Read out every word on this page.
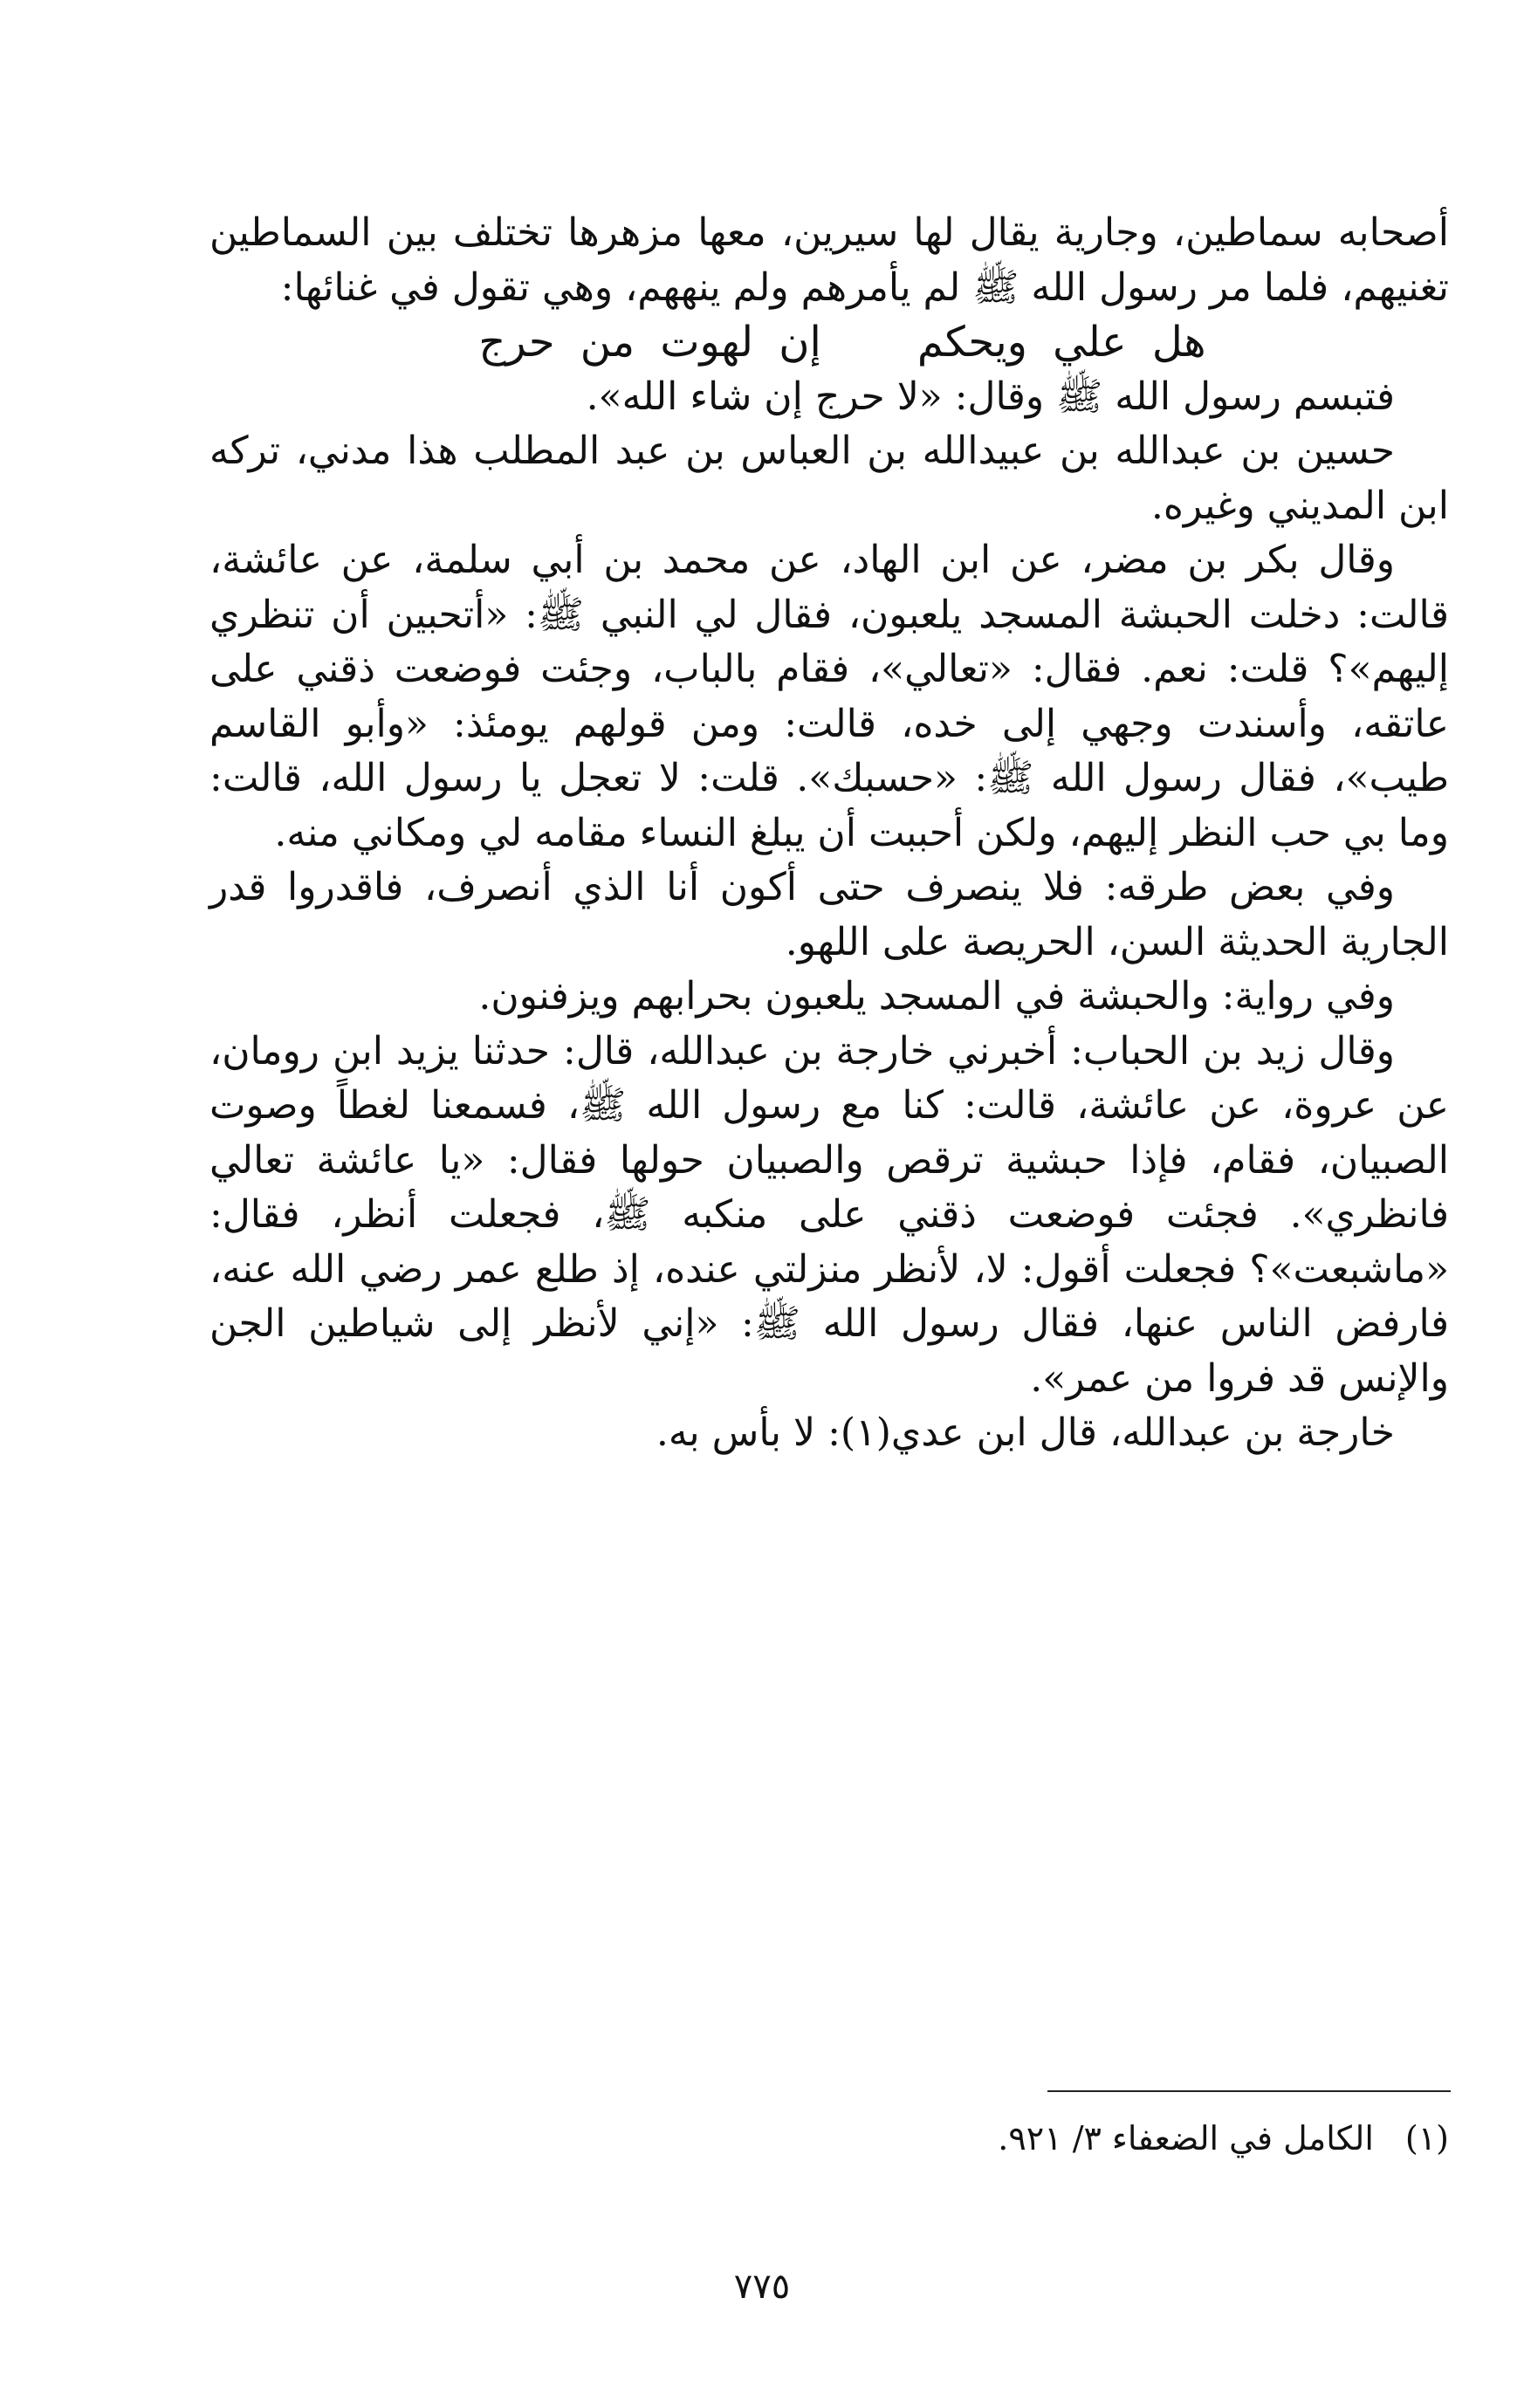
أصحابه سماطين، وجارية يقال لها سيرين، معها مزهرها تختلف بين السماطين تغنيهم، فلما مر رسول الله ﷺ لم يأمرهم ولم ينههم، وهي تقول في غنائها:

هل علي ويحكم
إن لهوت من حرج

فتبسم رسول الله ﷺ وقال: «لا حرج إن شاء الله».

حسين بن عبدالله بن عبيدالله بن العباس بن عبد المطلب هذا مدني، تركه ابن المديني وغيره.

وقال بكر بن مضر، عن ابن الهاد، عن محمد بن أبي سلمة، عن عائشة، قالت: دخلت الحبشة المسجد يلعبون، فقال لي النبي ﷺ: «أتحبين أن تنظري إليهم»؟ قلت: نعم. فقال: «تعالي»، فقام بالباب، وجئت فوضعت ذقني على عاتقه، وأسندت وجهي إلى خده، قالت: ومن قولهم يومئذ: «وأبو القاسم طيب»، فقال رسول الله ﷺ: «حسبك». قلت: لا تعجل يا رسول الله، قالت: وما بي حب النظر إليهم، ولكن أحببت أن يبلغ النساء مقامه لي ومكاني منه.

وفي بعض طرقه: فلا ينصرف حتى أكون أنا الذي أنصرف، فاقدروا قدر الجارية الحديثة السن، الحريصة على اللهو.

وفي رواية: والحبشة في المسجد يلعبون بحرابهم ويزفنون.

وقال زيد بن الحباب: أخبرني خارجة بن عبدالله، قال: حدثنا يزيد ابن رومان، عن عروة، عن عائشة، قالت: كنا مع رسول الله ﷺ، فسمعنا لغطاً وصوت الصبيان، فقام، فإذا حبشية ترقص والصبيان حولها فقال: «يا عائشة تعالي فانظري». فجئت فوضعت ذقني على منكبه ﷺ، فجعلت أنظر، فقال: «ماشبعت»؟ فجعلت أقول: لا، لأنظر منزلتي عنده، إذ طلع عمر رضي الله عنه، فارفض الناس عنها، فقال رسول الله ﷺ: «إني لأنظر إلى شياطين الجن والإنس قد فروا من عمر».

خارجة بن عبدالله، قال ابن عدي(١): لا بأس به.

(١)الكامل في الضعفاء ٣/ ٩٢١.
٧٧٥
